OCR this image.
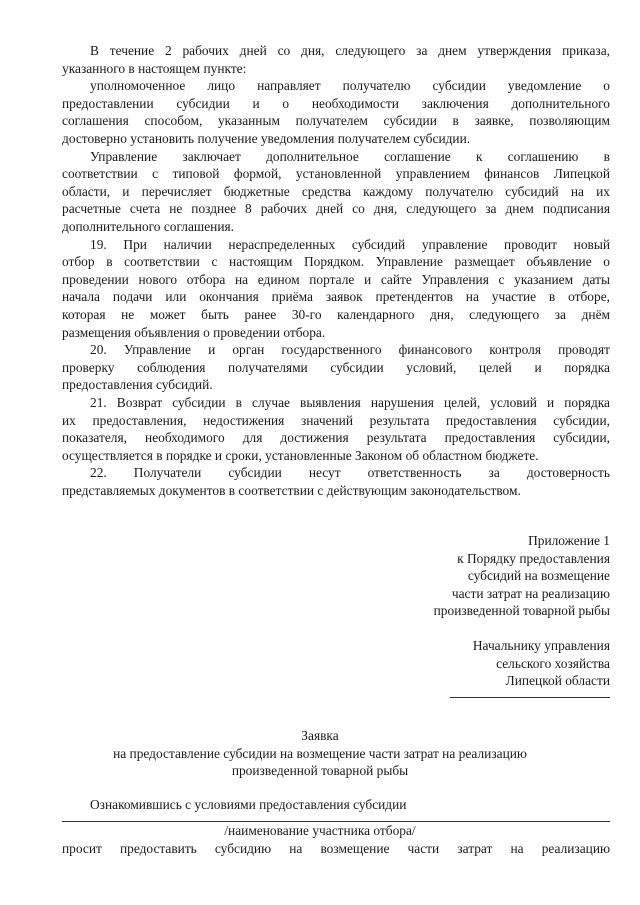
В течение 2 рабочих дней со дня, следующего за днем утверждения приказа,
указанного в настоящем пункте:
уполномоченное лицо направляет получателю субсидии уведомление о
предоставлении субсидии и о необходимости заключения дополнительного
соглашения способом, указанным получателем субсидии в заявке, позволяющим
достоверно установить получение уведомления получателем субсидии.
Управление заключает дополнительное соглашение к соглашению в
соответствии с типовой формой, установленной управлением финансов Липецкой
области, и перечисляет бюджетные средства каждому получателю субсидий на их
расчетные счета не позднее 8 рабочих дней со дня, следующего за днем подписания
дополнительного соглашения.
19. При наличии нераспределенных субсидий управление проводит новый
отбор в соответствии с настоящим Порядком. Управление размещает объявление о
проведении нового отбора на едином портале и сайте Управления с указанием даты
начала подачи или окончания приёма заявок претендентов на участие в отборе,
которая не может быть ранее 30-го календарного дня, следующего за днём
размещения объявления о проведении отбора.
20. Управление и орган государственного финансового контроля проводят
проверку соблюдения получателями субсидии условий, целей и порядка
предоставления субсидий.
21. Возврат субсидии в случае выявления нарушения целей, условий и порядка
их предоставления, недостижения значений результата предоставления субсидии,
показателя, необходимого для достижения результата предоставления субсидии,
осуществляется в порядке и сроки, установленные Законом об областном бюджете.
22. Получатели субсидии несут ответственность за достоверность
представляемых документов в соответствии с действующим законодательством.
Приложение 1
к Порядку предоставления
субсидий на возмещение
части затрат на реализацию
произведенной товарной рыбы
Начальнику управления
сельского хозяйства
Липецкой области
Заявка
на предоставление субсидии на возмещение части затрат на реализацию
произведенной товарной рыбы
Ознакомившись с условиями предоставления субсидии
/наименование участника отбора/
просит предоставить субсидию на возмещение части затрат на реализацию
